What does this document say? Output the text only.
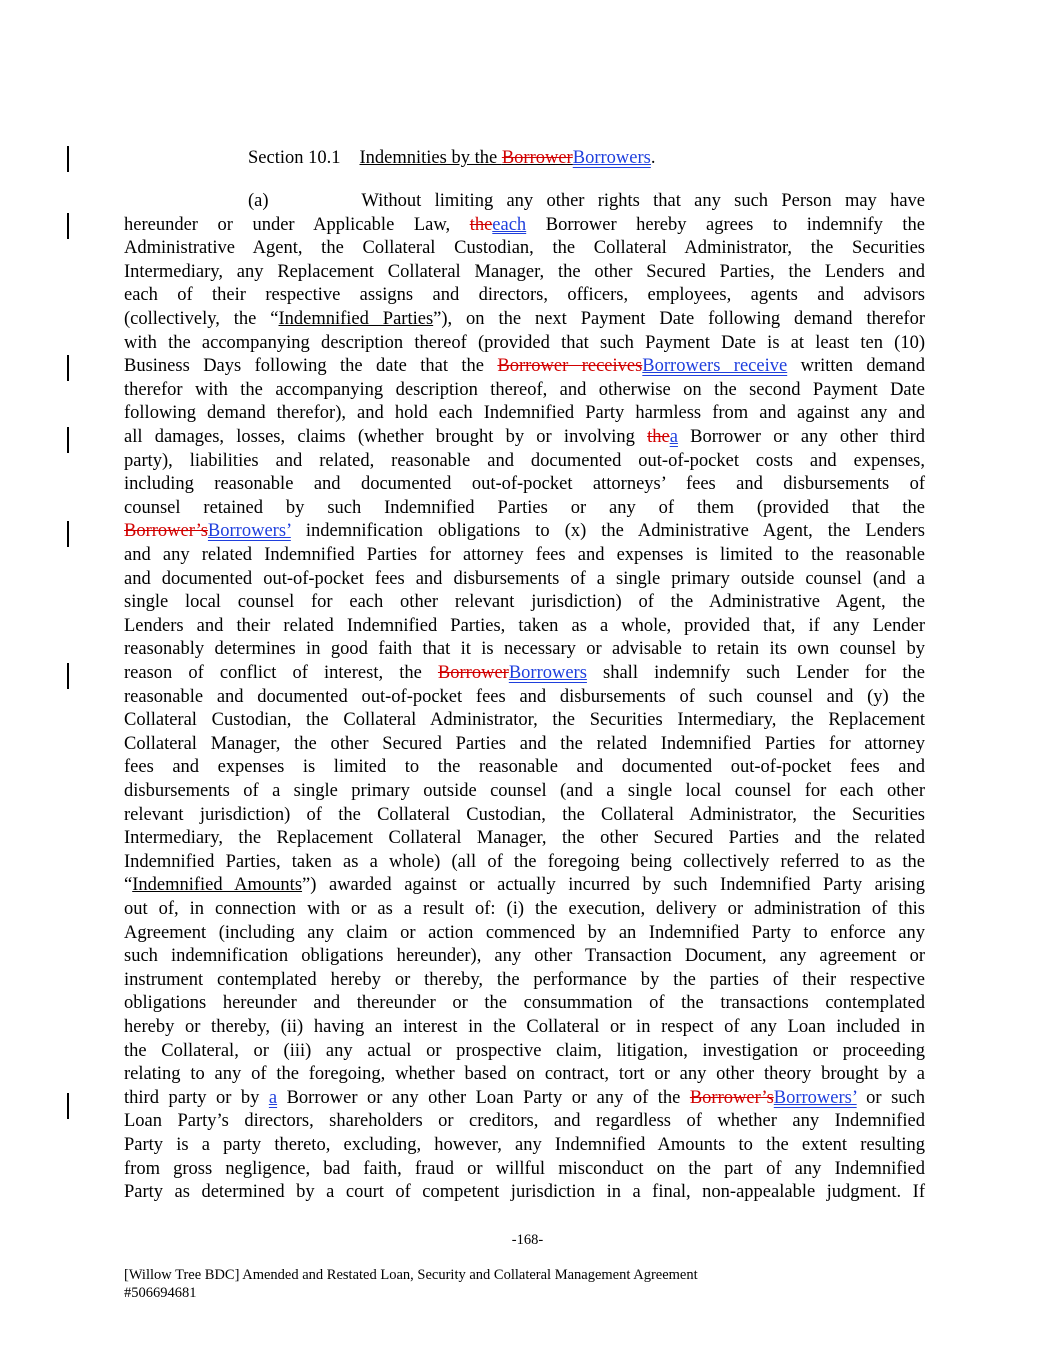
Section 10.1 Indemnities by the BorrowerBorrowers.
(a)       Without limiting any other rights that any such Person may have
hereunder or under Applicable Law, theeach Borrower hereby agrees to indemnify the
Administrative Agent, the Collateral Custodian, the Collateral Administrator, the Securities
Intermediary, any Replacement Collateral Manager, the other Secured Parties, the Lenders and
each of their respective assigns and directors, officers, employees, agents and advisors
(collectively, the “Indemnified Parties”), on the next Payment Date following demand therefor
with the accompanying description thereof (provided that such Payment Date is at least ten (10)
Business Days following the date that the Borrower receivesBorrowers receive written demand
therefor with the accompanying description thereof, and otherwise on the second Payment Date
following demand therefor), and hold each Indemnified Party harmless from and against any and
all damages, losses, claims (whether brought by or involving thea Borrower or any other third
party), liabilities and related, reasonable and documented out-of-pocket costs and expenses,
including reasonable and documented out-of-pocket attorneys’ fees and disbursements of
counsel retained by such Indemnified Parties or any of them (provided that the
Borrower’sBorrowers’ indemnification obligations to (x) the Administrative Agent, the Lenders
and any related Indemnified Parties for attorney fees and expenses is limited to the reasonable
and documented out-of-pocket fees and disbursements of a single primary outside counsel (and a
single local counsel for each other relevant jurisdiction) of the Administrative Agent, the
Lenders and their related Indemnified Parties, taken as a whole, provided that, if any Lender
reasonably determines in good faith that it is necessary or advisable to retain its own counsel by
reason of conflict of interest, the BorrowerBorrowers shall indemnify such Lender for the
reasonable and documented out-of-pocket fees and disbursements of such counsel and (y) the
Collateral Custodian, the Collateral Administrator, the Securities Intermediary, the Replacement
Collateral Manager, the other Secured Parties and the related Indemnified Parties for attorney
fees and expenses is limited to the reasonable and documented out-of-pocket fees and
disbursements of a single primary outside counsel (and a single local counsel for each other
relevant jurisdiction) of the Collateral Custodian, the Collateral Administrator, the Securities
Intermediary, the Replacement Collateral Manager, the other Secured Parties and the related
Indemnified Parties, taken as a whole) (all of the foregoing being collectively referred to as the
“Indemnified Amounts”) awarded against or actually incurred by such Indemnified Party arising
out of, in connection with or as a result of: (i) the execution, delivery or administration of this
Agreement (including any claim or action commenced by an Indemnified Party to enforce any
such indemnification obligations hereunder), any other Transaction Document, any agreement or
instrument contemplated hereby or thereby, the performance by the parties of their respective
obligations hereunder and thereunder or the consummation of the transactions contemplated
hereby or thereby, (ii) having an interest in the Collateral or in respect of any Loan included in
the Collateral, or (iii) any actual or prospective claim, litigation, investigation or proceeding
relating to any of the foregoing, whether based on contract, tort or any other theory brought by a
third party or by a Borrower or any other Loan Party or any of the Borrower’sBorrowers’ or such
Loan Party’s directors, shareholders or creditors, and regardless of whether any Indemnified
Party is a party thereto, excluding, however, any Indemnified Amounts to the extent resulting
from gross negligence, bad faith, fraud or willful misconduct on the part of any Indemnified
Party as determined by a court of competent jurisdiction in a final, non-appealable judgment. If
-168-
[Willow Tree BDC] Amended and Restated Loan, Security and Collateral Management Agreement
#506694681
